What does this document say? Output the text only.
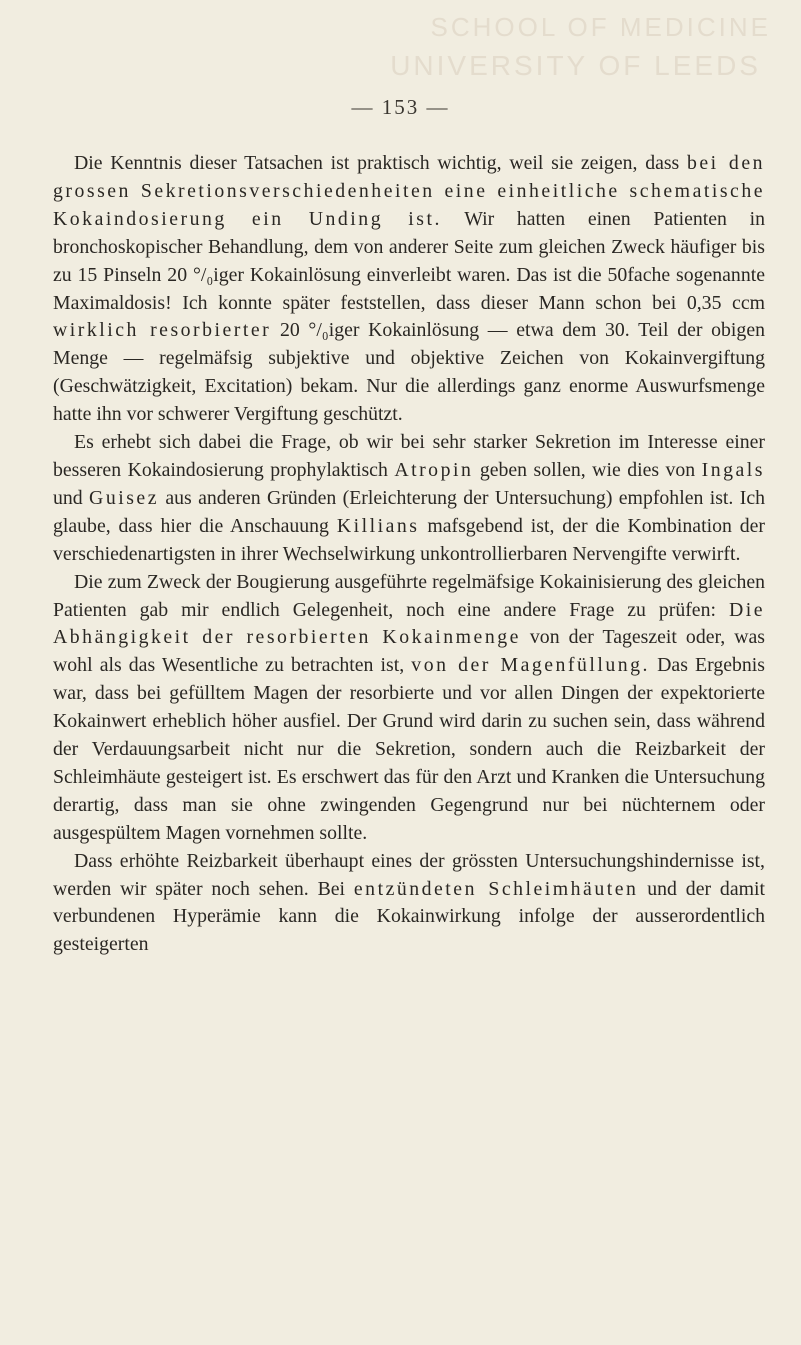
SCHOOL OF MEDICINE
UNIVERSITY OF LEEDS
— 153 —

Die Kenntnis dieser Tatsachen ist praktisch wichtig, weil sie zeigen, dass bei den grossen Sekretionsverschiedenheiten eine einheitliche schematische Kokaindosierung ein Unding ist. Wir hatten einen Patienten in bronchoskopischer Behandlung, dem von anderer Seite zum gleichen Zweck häufiger bis zu 15 Pinseln 20 °/₀iger Kokainlösung einverleibt waren. Das ist die 50fache sogenannte Maximaldosis! Ich konnte später feststellen, dass dieser Mann schon bei 0,35 ccm wirklich resorbierter 20 °/₀iger Kokainlösung — etwa dem 30. Teil der obigen Menge — regelmäfsig subjektive und objektive Zeichen von Kokainvergiftung (Geschwätzigkeit, Excitation) bekam. Nur die allerdings ganz enorme Auswurfsmenge hatte ihn vor schwerer Vergiftung geschützt.

Es erhebt sich dabei die Frage, ob wir bei sehr starker Sekretion im Interesse einer besseren Kokaindosierung prophylaktisch Atropin geben sollen, wie dies von Ingals und Guisez aus anderen Gründen (Erleichterung der Untersuchung) empfohlen ist. Ich glaube, dass hier die Anschauung Killians mafsgebend ist, der die Kombination der verschiedenartigsten in ihrer Wechselwirkung unkontrollierbaren Nervengifte verwirft.

Die zum Zweck der Bougierung ausgeführte regelmäfsige Kokainisierung des gleichen Patienten gab mir endlich Gelegenheit, noch eine andere Frage zu prüfen: Die Abhängigkeit der resorbierten Kokainmenge von der Tageszeit oder, was wohl als das Wesentliche zu betrachten ist, von der Magenfüllung. Das Ergebnis war, dass bei gefülltem Magen der resorbierte und vor allen Dingen der expektorierte Kokainwert erheblich höher ausfiel. Der Grund wird darin zu suchen sein, dass während der Verdauungsarbeit nicht nur die Sekretion, sondern auch die Reizbarkeit der Schleimhäute gesteigert ist. Es erschwert das für den Arzt und Kranken die Untersuchung derartig, dass man sie ohne zwingenden Gegengrund nur bei nüchternem oder ausgespültem Magen vornehmen sollte.

Dass erhöhte Reizbarkeit überhaupt eines der grössten Untersuchungshindernisse ist, werden wir später noch sehen. Bei entzündeten Schleimhäuten und der damit verbundenen Hyperämie kann die Kokainwirkung infolge der ausserordentlich gesteigerten
